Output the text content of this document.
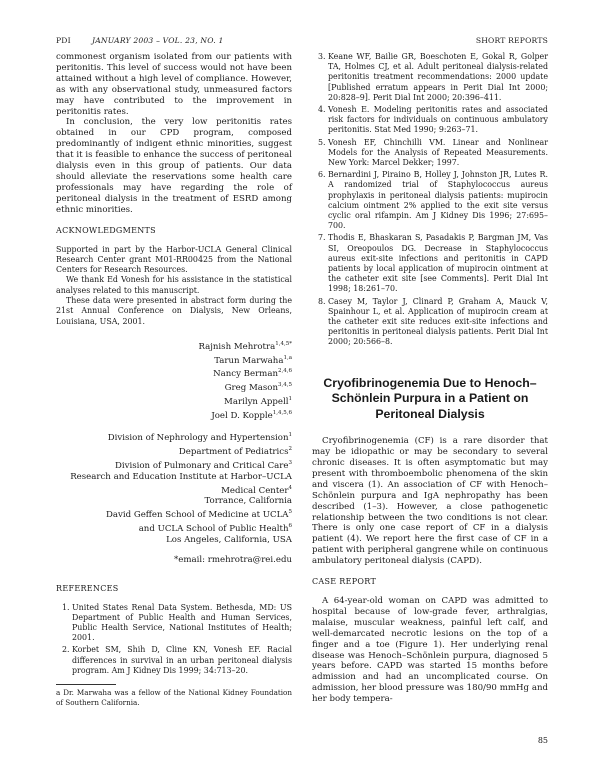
PDI	JANUARY 2003 – VOL. 23, NO. 1	SHORT REPORTS

commonest organism isolated from our patients with peritonitis. This level of success would not have been attained without a high level of compliance. However, as with any observational study, unmeasured factors may have contributed to the improvement in peritonitis rates.

In conclusion, the very low peritonitis rates obtained in our CPD program, composed predominantly of indigent ethnic minorities, suggest that it is feasible to enhance the success of peritoneal dialysis even in this group of patients. Our data should alleviate the reservations some health care professionals may have regarding the role of peritoneal dialysis in the treatment of ESRD among ethnic minorities.

ACKNOWLEDGMENTS

Supported in part by the Harbor-UCLA General Clinical Research Center grant M01-RR00425 from the National Centers for Research Resources.

We thank Ed Vonesh for his assistance in the statistical analyses related to this manuscript.

These data were presented in abstract form during the 21st Annual Conference on Dialysis, New Orleans, Louisiana, USA, 2001.

Rajnish Mehrotra$^{1,4,5*}$
Tarun Marwaha$^{1,a}$
Nancy Berman$^{2,4,6}$
Greg Mason$^{3,4,5}$
Marilyn Appell$^1$
Joel D. Kopple$^{1,4,5,6}$
Division of Nephrology and Hypertension$^1$
Department of Pediatrics$^2$
Division of Pulmonary and Critical Care$^3$
Research and Education Institute at Harbor–UCLA
Medical Center$^4$
Torrance, California
David Geffen School of Medicine at UCLA$^5$
and UCLA School of Public Health$^6$
Los Angeles, California, USA
*email: rmehrotra@rei.edu
REFERENCES
1. United States Renal Data System. Bethesda, MD: US Department of Public Health and Human Services, Public Health Service, National Institutes of Health; 2001.
2. Korbet SM, Shih D, Cline KN, Vonesh EF. Racial differences in survival in an urban peritoneal dialysis program. Am J Kidney Dis 1999; 34:713–20.
a Dr. Marwaha was a fellow of the National Kidney Foundation of Southern California.
3. Keane WF, Bailie GR, Boeschoten E, Gokal R, Golper TA, Holmes CJ, et al. Adult peritoneal dialysis-related peritonitis treatment recommendations: 2000 update [Published erratum appears in Perit Dial Int 2000; 20:828–9]. Perit Dial Int 2000; 20:396–411.
4. Vonesh E. Modeling peritonitis rates and associated risk factors for individuals on continuous ambulatory peritonitis. Stat Med 1990; 9:263–71.
5. Vonesh EF, Chinchilli VM. Linear and Nonlinear Models for the Analysis of Repeated Measurements. New York: Marcel Dekker; 1997.
6. Bernardini J, Piraino B, Holley J, Johnston JR, Lutes R. A randomized trial of Staphylococcus aureus prophylaxis in peritoneal dialysis patients: mupirocin calcium ointment 2% applied to the exit site versus cyclic oral rifampin. Am J Kidney Dis 1996; 27:695–700.
7. Thodis E, Bhaskaran S, Pasadakis P, Bargman JM, Vas SI, Oreopoulos DG. Decrease in Staphylococcus aureus exit-site infections and peritonitis in CAPD patients by local application of mupirocin ointment at the catheter exit site [see Comments]. Perit Dial Int 1998; 18:261–70.
8. Casey M, Taylor J, Clinard P, Graham A, Mauck V, Spainhour L, et al. Application of mupirocin cream at the catheter exit site reduces exit-site infections and peritonitis in peritoneal dialysis patients. Perit Dial Int 2000; 20:566–8.
Cryofibrinogenemia Due to Henoch–Schönlein Purpura in a Patient on Peritoneal Dialysis

Cryofibrinogenemia (CF) is a rare disorder that may be idiopathic or may be secondary to several chronic diseases. It is often asymptomatic but may present with thromboembolic phenomena of the skin and viscera (1). An association of CF with Henoch–Schönlein purpura and IgA nephropathy has been described (1–3). However, a close pathogenetic relationship between the two conditions is not clear. There is only one case report of CF in a dialysis patient (4). We report here the first case of CF in a patient with peripheral gangrene while on continuous ambulatory peritoneal dialysis (CAPD).

CASE REPORT

A 64-year-old woman on CAPD was admitted to hospital because of low-grade fever, arthralgias, malaise, muscular weakness, painful left calf, and well-demarcated necrotic lesions on the top of a finger and a toe (Figure 1). Her underlying renal disease was Henoch–Schönlein purpura, diagnosed 5 years before. CAPD was started 15 months before admission and had an uncomplicated course. On admission, her blood pressure was 180/90 mmHg and her body tempera-

85
